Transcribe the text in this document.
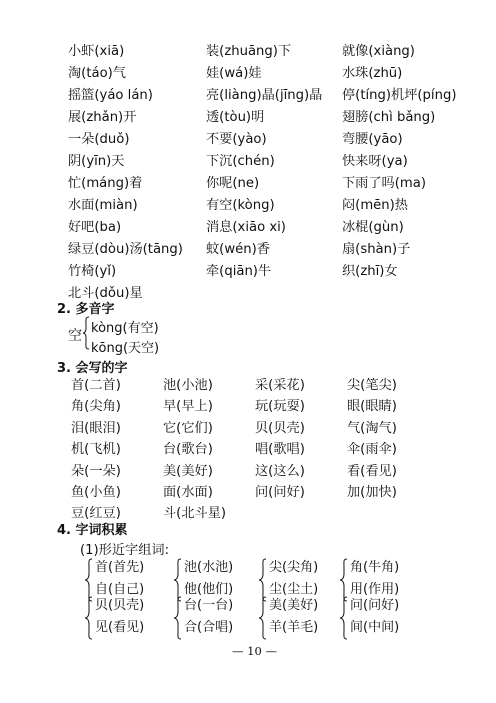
小虾(xiā)
淘(táo)气
摇篮(yáo lán)
展(zhǎn)开
一朵(duǒ)
阴(yīn)天
忙(máng)着
水面(miàn)
好吧(ba)
绿豆(dòu)汤(tāng)
竹椅(yǐ)
北斗(dǒu)星
装(zhuāng)下
娃(wá)娃
亮(liàng)晶(jīng)晶
透(tòu)明
不要(yào)
下沉(chén)
你呢(ne)
有空(kòng)
消息(xiāo xi)
蚊(wén)香
牵(qiān)牛
就像(xiàng)
水珠(zhū)
停(tíng)机坪(píng)
翅膀(chì bǎng)
弯腰(yāo)
快来呀(ya)
下雨了吗(ma)
闷(mēn)热
冰棍(gùn)
扇(shàn)子
织(zhī)女
2. 多音字
空 kòng(有空)
kōng(天空)
3. 会写的字
首(二首)
角(尖角)
泪(眼泪)
机(飞机)
朵(一朵)
鱼(小鱼)
豆(红豆)
池(小池)
早(早上)
它(它们)
台(歌台)
美(美好)
面(水面)
斗(北斗星)
采(采花)
玩(玩耍)
贝(贝壳)
唱(歌唱)
这(这么)
问(问好)
尖(笔尖)
眼(眼睛)
气(淘气)
伞(雨伞)
看(看见)
加(加快)
4. 字词积累
(1)形近字组词:
首(首先)
自(自己)
池(水池)
他(他们)
尖(尖角)
尘(尘土)
角(牛角)
用(作用)
贝(贝壳)
见(看见)
台(一台)
合(合唱)
美(美好)
羊(羊毛)
问(问好)
间(中间)
— 10 —
